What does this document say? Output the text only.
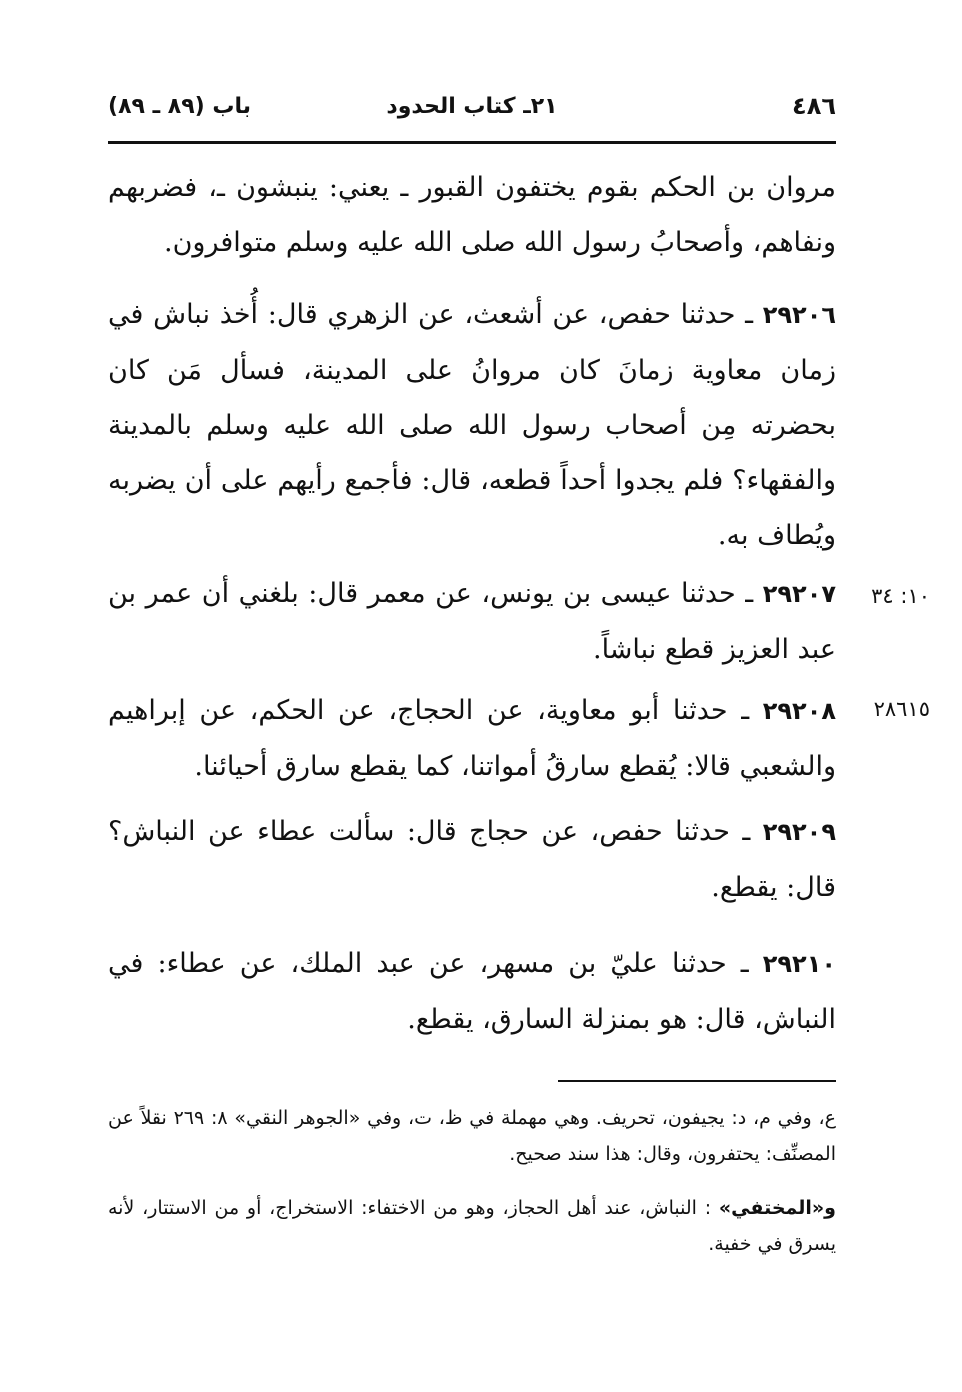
٤٨٦
٢١ـ كتاب الحدود
باب (٨٩ ـ ٨٩)
مروان بن الحكم بقوم يختفون القبور ـ يعني: ينبشون ـ، فضربهم ونفاهم، وأصحابُ رسول الله صلى الله عليه وسلم متوافرون.
٢٩٢٠٦ ـ حدثنا حفص، عن أشعث، عن الزهري قال: أُخذ نباش في زمان معاوية زمانَ كان مروانُ على المدينة، فسأل مَن كان بحضرته مِن أصحاب رسول الله صلى الله عليه وسلم بالمدينة والفقهاء؟ فلم يجدوا أحداً قطعه، قال: فأجمع رأيهم على أن يضربه ويُطاف به.
١٠: ٣٤
٢٩٢٠٧ ـ حدثنا عيسى بن يونس، عن معمر قال: بلغني أن عمر بن عبد العزيز قطع نباشاً.
٢٨٦١٥
٢٩٢٠٨ ـ حدثنا أبو معاوية، عن الحجاج، عن الحكم، عن إبراهيم والشعبي قالا: يُقطع سارقُ أمواتنا، كما يقطع سارق أحيائنا.
٢٩٢٠٩ ـ حدثنا حفص، عن حجاج قال: سألت عطاء عن النباش؟ قال: يقطع.
٢٩٢١٠ ـ حدثنا عليّ بن مسهر، عن عبد الملك، عن عطاء: في النباش، قال: هو بمنزلة السارق، يقطع.
ع، وفي م، د: يجيفون، تحريف. وهي مهملة في ظ، ت، وفي «الجوهر النقي» ٨: ٢٦٩ نقلاً عن المصنِّف: يحتفرون، وقال: هذا سند صحيح.
و«المختفي» : النباش، عند أهل الحجاز، وهو من الاختفاء: الاستخراج، أو من الاستتار، لأنه يسرق في خفية.
